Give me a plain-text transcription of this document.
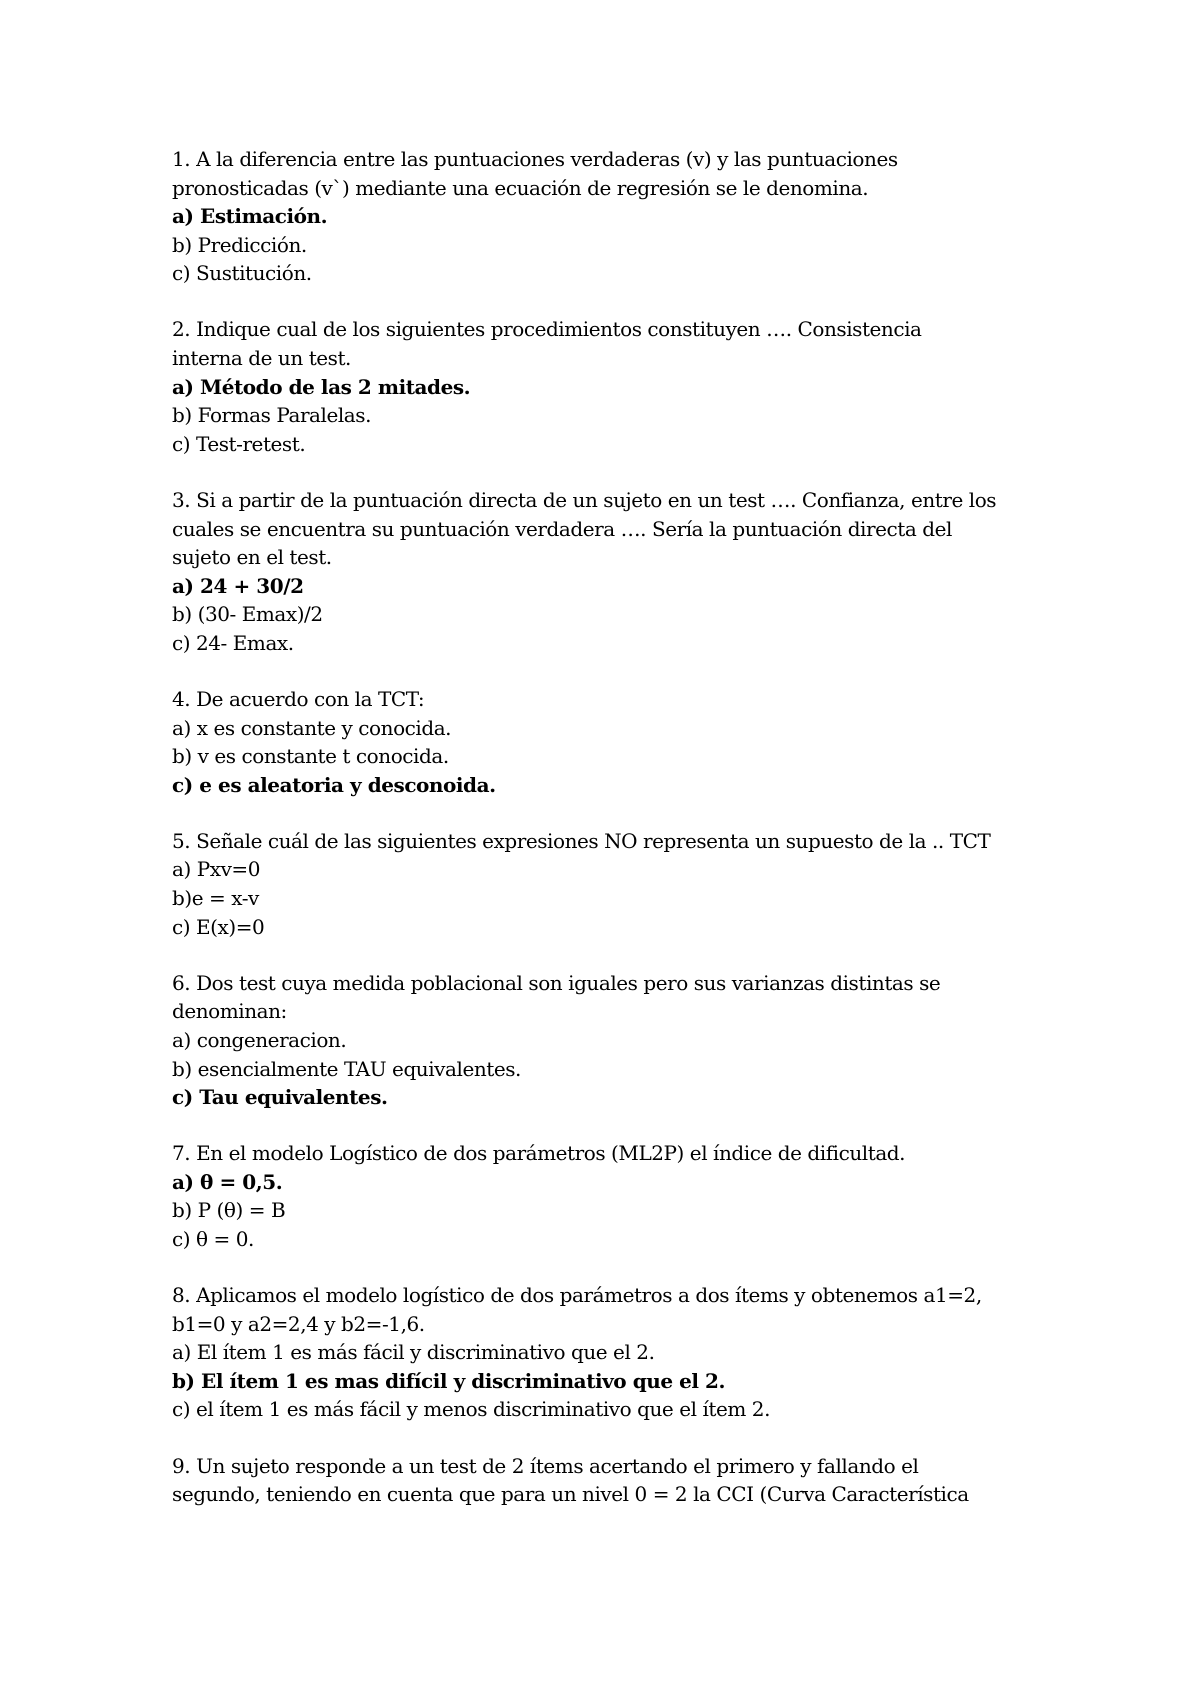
1. A la diferencia entre las puntuaciones verdaderas (v) y las puntuaciones
pronosticadas (v`) mediante una ecuación de regresión se le denomina.
a) Estimación.
b) Predicción.
c) Sustitución.
2. Indique cual de los siguientes procedimientos constituyen …. Consistencia
interna de un test.
a) Método de las 2 mitades.
b) Formas Paralelas.
c) Test-retest.
3. Si a partir de la puntuación directa de un sujeto en un test …. Confianza, entre los
cuales se encuentra su puntuación verdadera …. Sería la puntuación directa del
sujeto en el test.
a) 24 + 30/2
b) (30- Emax)/2
c) 24- Emax.
4. De acuerdo con la TCT:
a) x es constante y conocida.
b) v es constante t conocida.
c) e es aleatoria y desconoida.
5. Señale cuál de las siguientes expresiones NO representa un supuesto de la .. TCT
a) Pxv=0
b)e = x-v
c) E(x)=0
6. Dos test cuya medida poblacional son iguales pero sus varianzas distintas se
denominan:
a) congeneracion.
b) esencialmente TAU equivalentes.
c) Tau equivalentes.
7. En el modelo Logístico de dos parámetros (ML2P) el índice de dificultad.
a) θ = 0,5.
b) P (θ) = B
c) θ = 0.
8. Aplicamos el modelo logístico de dos parámetros a dos ítems y obtenemos a1=2,
b1=0 y a2=2,4 y b2=-1,6.
a) El ítem 1 es más fácil y discriminativo que el 2.
b) El ítem 1 es mas difícil y discriminativo que el 2.
c) el ítem 1 es más fácil y menos discriminativo que el ítem 2.
9. Un sujeto responde a un test de 2 ítems acertando el primero y fallando el
segundo, teniendo en cuenta que para un nivel 0 = 2 la CCI (Curva Característica
